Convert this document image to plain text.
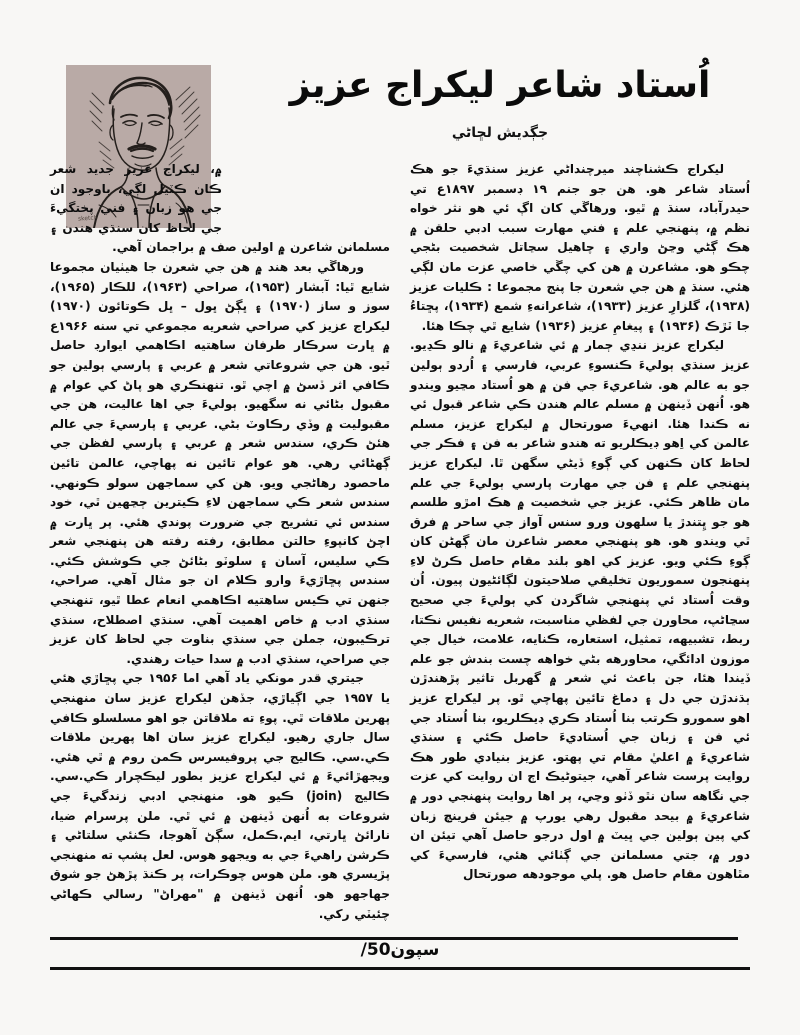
sketch
اُستاد شاعر ليکراج عزيز
جڳديش لڇاڻي

ليکراج ڪشناچند ميرچنداڻي عزيز سنڌيءَ جو هڪ اُستاد شاعر هو. هن جو جنم ۱۹ ڊسمبر ۱۸۹۷ع تي حيدرآباد، سنڌ ۾ ٿيو. ورهاڱي کان اڳ ئي هو نثر خواه نظم ۾، پنهنجي علم ۽ فني مهارت سبب ادبي حلقن ۾ هڪ ڳڻي وڃڻ واري ۽ چاهيل سڃاتل شخصيت بڻجي چڪو هو. مشاعرن ۾ هن کي چڱي خاصي عزت مان لڳي هئي. سنڌ ۾ هن جي شعرن جا پنج مجموعا : ڪليات عزيز (۱۹۳۸)، گلزارِ عزيز (۱۹۳۳)، شاعرانهءِ شمع (۱۹۳۴)، پڇتاءُ جا ٽڙڪ (۱۹۳۶) ۽ پيغامِ عزيز (۱۹۳۶) شايع ٿي چڪا هئا.

ليکراج عزيز ننڍي ڄمار ۾ ئي شاعريءَ ۾ نالو ڪڍيو. عزيز سنڌي ٻوليءَ ڪنسوءِ عربي، فارسي ۽ اُردو ٻولين جو به عالم هو. شاعريءَ جي فن ۾ هو اُستاد مڃيو ويندو هو. اُنهن ڏينهن ۾ مسلم عالم هندن ڪي شاعر قبول ئي نه ڪندا هئا. انهيءَ صورتحال ۾ ليکراج عزيز، مسلم عالمن کي اِهو ڊيڪلريو ته هندو شاعر به فن ۽ فڪر جي لحاظ کان ڪنهن کي ڳوءِ ڏيڻي سگهن ٿا. ليکراج عزيز پنهنجي علم ۽ فن جي مهارت پارسي ٻوليءَ جي علم مان ظاهر ڪئي. عزيز جي شخصيت ۾ هڪ امڙو طلسم هو جو ڀِتندڙ يا سلهون ورو سنس آواز جي ساحر ۾ فرق ٿي ويندو هو. هو پنهنجي معصر شاعرن مان ڳهڻن کان ڳوءِ ڪئي ويو. عزيز کي اهو بلند مقام حاصل ڪرڻ لاءِ پنهنجون سموريون تخليقي صلاحيتون لڳائڻيون پيون. اُن وقت اُستاد ئي پنهنجي شاگردن کي ٻوليءَ جي صحيح سڃاڻپ، محاورن جي لفظي مناسبت، شعريه نفيس نڪتا، ربط، تشبيهه، تمثيل، استعاره، ڪنايه، علامت، خيال جي موزون ادائگي، محاورهه بڻي خواهه چست بندش جو علم ڏيندا هئا، جن باعث ئي شعر ۾ گهربل تاثير پڙهندڙن ٻڌندڙن جي دل ۽ دماغ تائين پهاچي ٿو. پر ليکراج عزيز اهو سمورو ڪرتب بنا اُستاد ڪري ڊيڪلريو، بنا اُستاد جي ئي فن ۽ زبان جي اُستاديءَ حاصل ڪئي ۽ سنڌي شاعريءَ ۾ اعليٰ مقام تي پهتو. عزيز بنيادي طور هڪ روايت پرست شاعر آهي، جيتوڻيڪ اڄ ان روايت کي عزت جي نگاهه سان نٿو ڏٺو وڃي، پر اها روايت پنهنجي دور ۾ شاعريءَ ۾ بيحد مقبول رهي يورپ ۾ جيئن فرينچ زبان کي پين ٻولين جي ڀيٽ ۾ اول درجو حاصل آهي تيئن ان دور ۾، جتي مسلمانن جي ڳٺائي هئي، فارسيءَ کي مٿاهون مقام حاصل هو. پلي موجودهه صورتحال

۾، ليکراج عزيز جديد شعر ڪان ڪٽيل لڳي، باوجود ان جي هو زبان ۽ فني پختگيءَ جي لحاظ کان سنڌي هندن ۽ مسلمانن شاعرن ۾ اولين صف ۾ براجمان آهي.

ورهاڱي بعد هند ۾ هن جي شعرن جا هيٺيان مجموعا شايع ٿيا: آبشار (۱۹۵۳)، صراحي (۱۹۶۳)، للڪار (۱۹۶۵)، سوز و ساز (۱۹۷۰) ۽ ڀڳڻ ڀول – ڀل ڪوتائون (۱۹۷۰) ليکراج عزيز کي صراحي شعريه مجموعي تي سنه ۱۹۶۶ع ۾ ڀارت سرڪار طرفان ساهتيه اڪاهمي ايوارڊ حاصل ٿيو. هن جي شروعاتي شعر ۾ عربي ۽ پارسي ٻولين جو ڪافي اثر ڏسڻ ۾ اچي ٿو. تنهنڪري هو پاڻ کي عوام ۾ مقبول بڻائي نه سگهيو. ٻوليءَ جي اها عاليت، هن جي مقبوليت ۾ وڏي رڪاوٽ بڻي. عربي ۽ پارسيءَ جي عالم هئڻ ڪري، سندس شعر ۾ عربي ۽ پارسي لفظن جي ڳهڻائي رهي. هو عوام تائين نه پهاچي، عالمن تائين ماحصود رهاڻجي ويو. هن کي سماجهن سولو ڪونهي. سندس شعر ڪي سماجهن لاءِ ڪيترين ڄڃهين ٿي، خود سندس ئي تشريح جي ضرورت پوندي هئي. پر ڀارت ۾ اچڻ کانپوءِ حالتن مطابق، رفته رفته هن پنهنجي شعر ڪي سليس، آسان ۽ سلوٽو بڻائڻ جي ڪوشش ڪئي. سندس پڇاڙيءَ وارو ڪلام ان جو مثال آهي. صراحي، جنهن تي ڪيس ساهتيه اڪاهمي انعام عطا ٿيو، تنهنجي سنڌي ادب ۾ خاص اهميت آهي. سنڌي اصطلاح، سنڌي ترڪيبون، جملن جي سنڌي بناوت جي لحاظ کان عزيز جي صراحي، سنڌي ادب ۾ سدا حيات رهندي.

جيتري قدر مونکي ياد آهي اما ۱۹۵۶ جي پڇاڙي هئي يا ۱۹۵۷ جي اڳياڙي، جڏهن ليکراج عزيز سان منهنجي پهرين ملاقات ٿي. پوءِ ته ملاقاتن جو اهو مسلسلو ڪافي سال جاري رهيو. ليکراج عزيز سان اها پهرين ملاقات ڪي.سي. ڪاليج جي پروفيسرس ڪمن روم ۾ ٿي هئي. ويجهڙائيءَ ۾ ئي ليکراج عزيز بطور ليڪچرار ڪي.سي. ڪاليج (join) ڪيو هو. منهنجي ادبي زندگيءَ جي شروعات به اُنهن ڏينهن ۾ ئي ٿي. ملن پرسرام ضيا، نارائڻ ڀارتي، ايم.ڪمل، سڳڻ آهوجا، ڪنئي سلتاڻي ۽ ڪرشن راهيءَ جي به ويجهو هوس. لعل پشپ ته منهنجي پڙيسري هو. ملن هوس چوڪرات، پر ڪنڌ پڙهڻ جو شوق جهاجهو هو. اُنهن ڏينهن ۾ "مهراڻ" رسالي ڪهاڻي چئيٽي رکي.

سپون/50
